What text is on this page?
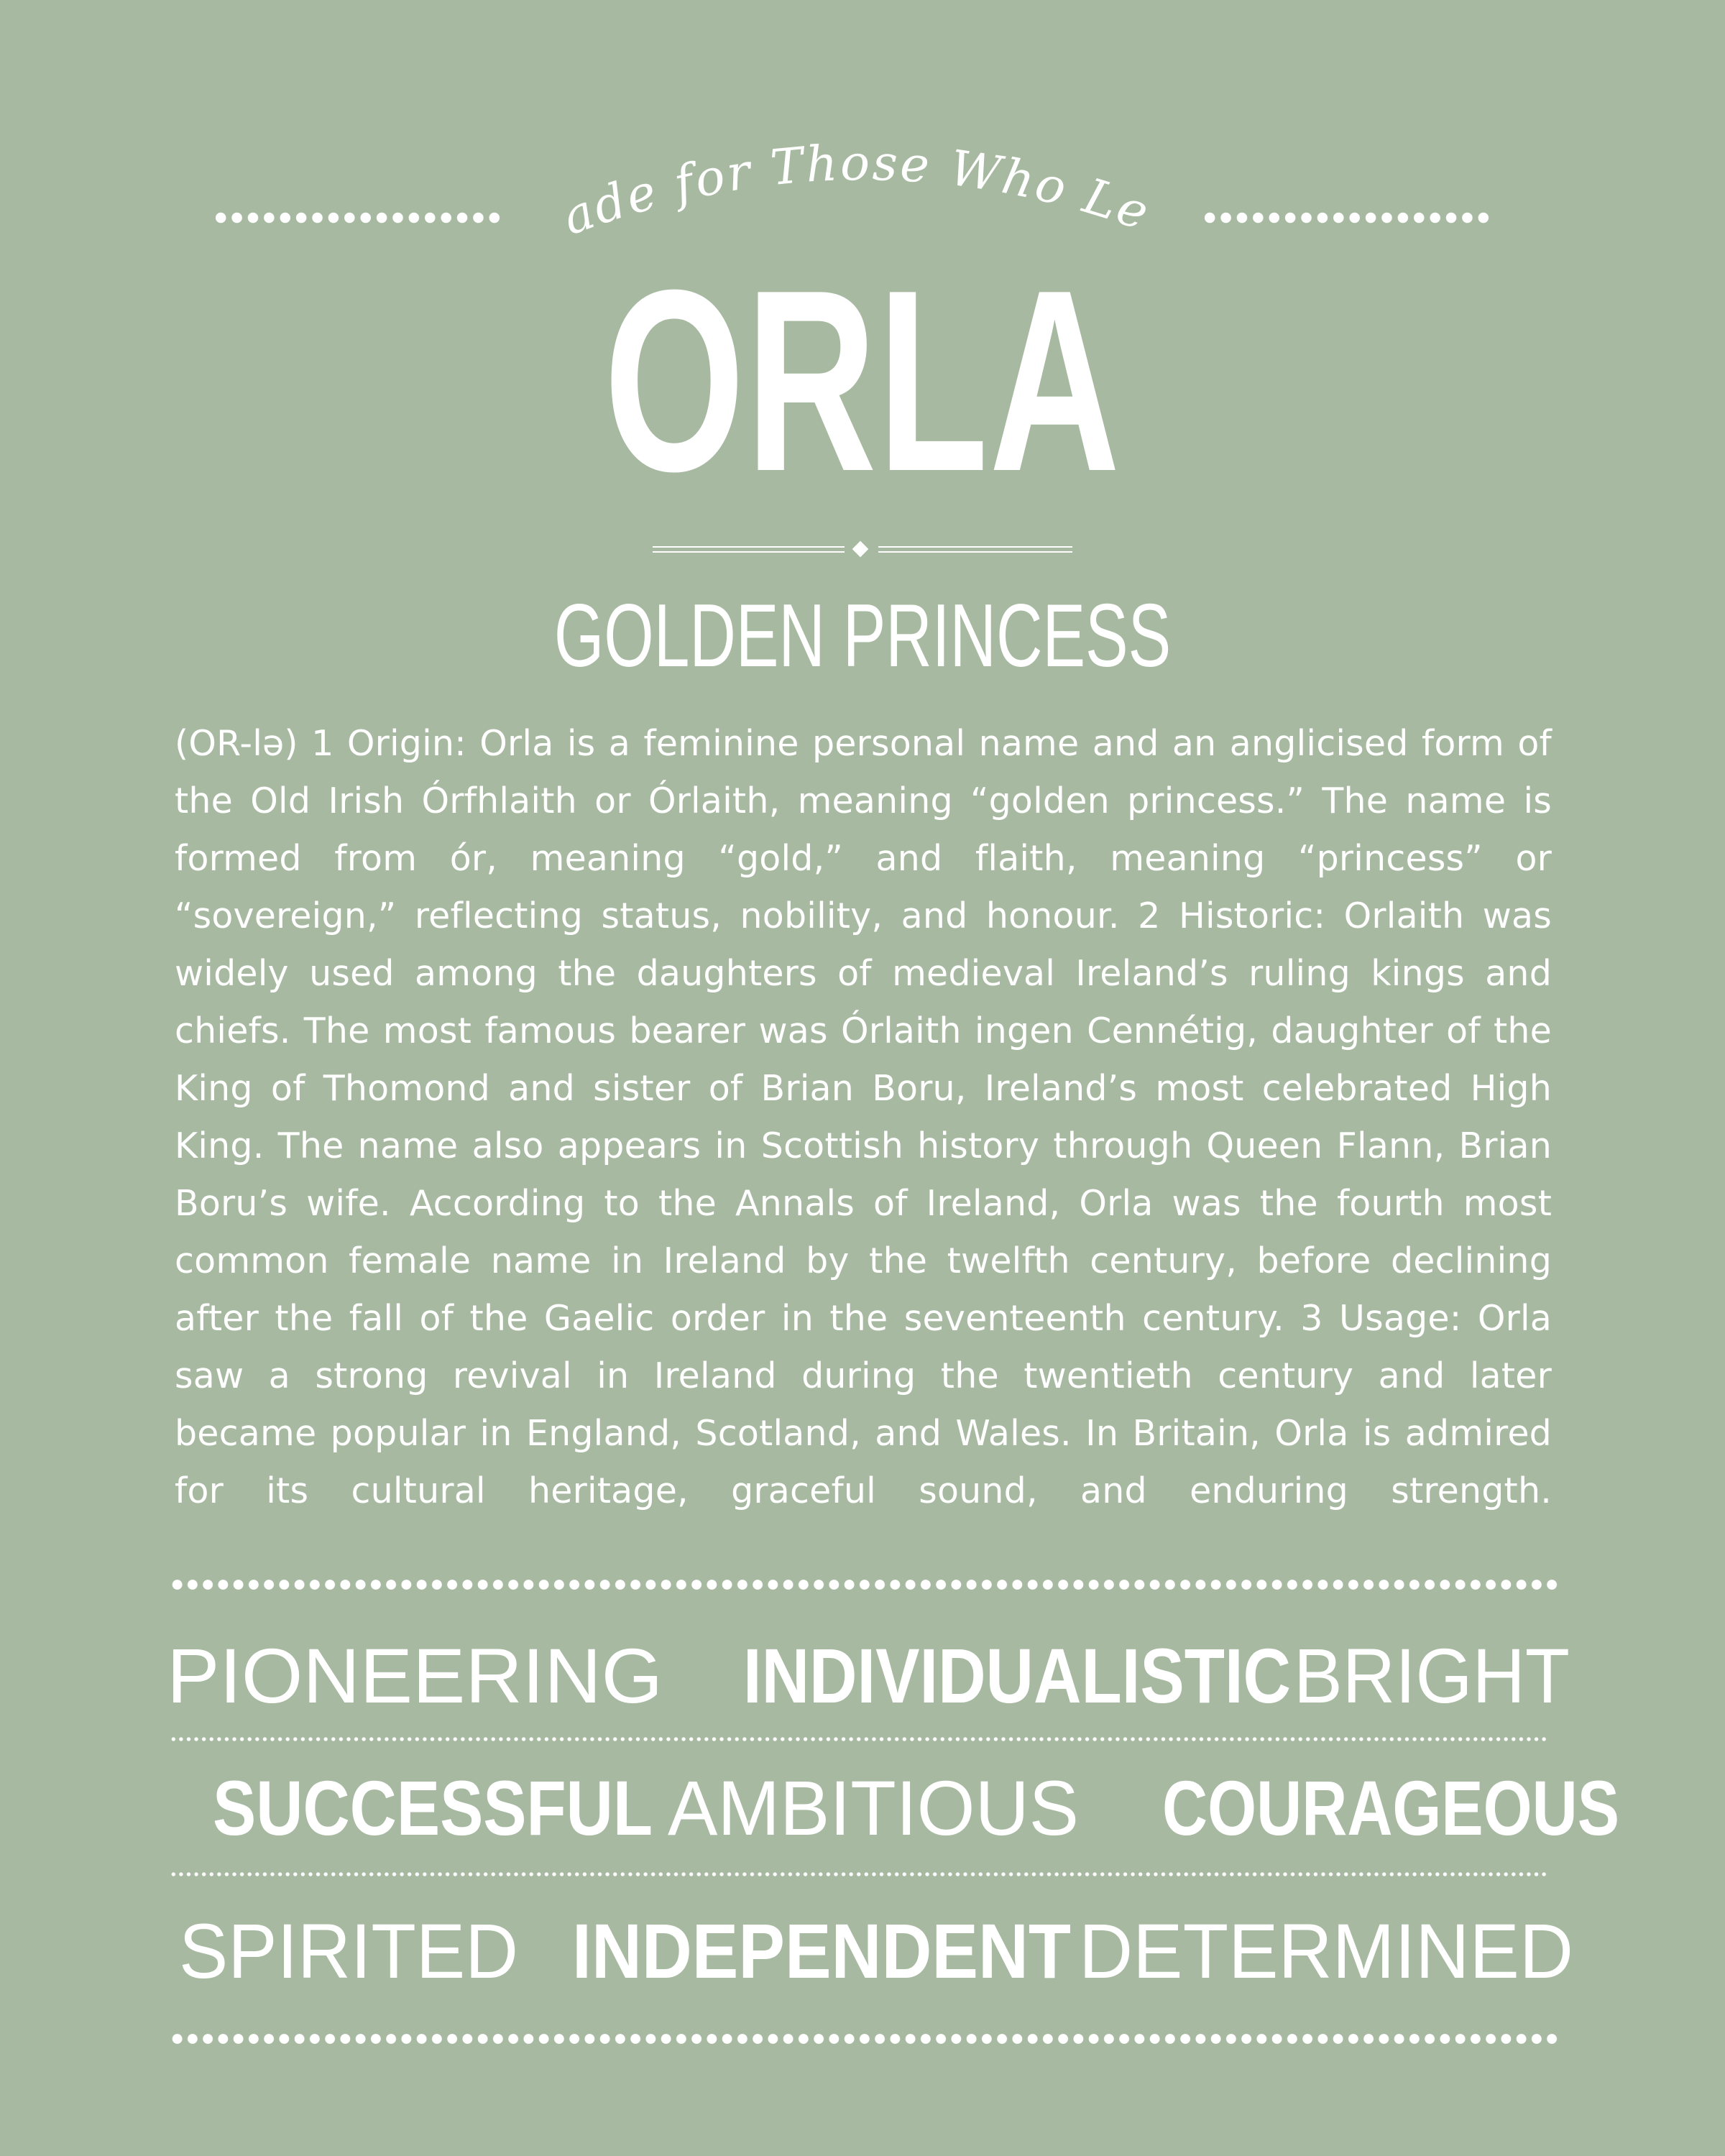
Made for Those Who Lead
ORLA
GOLDEN PRINCESS
(OR-lə) 1 Origin: Orla is a feminine personal name and an anglicised form of the Old Irish Órfhlaith or Órlaith, meaning “golden princess.” The name is formed from ór, meaning “gold,” and flaith, meaning “princess” or “sovereign,” reflecting status, nobility, and honour. 2 Historic: Orlaith was widely used among the daughters of medieval Ireland’s ruling kings and chiefs. The most famous bearer was Órlaith ingen Cennétig, daughter of the King of Thomond and sister of Brian Boru, Ireland’s most celebrated High King. The name also appears in Scottish history through Queen Flann, Brian Boru’s wife. According to the Annals of Ireland, Orla was the fourth most common female name in Ireland by the twelfth century, before declining after the fall of the Gaelic order in the seventeenth century. 3 Usage: Orla saw a strong revival in Ireland during the twentieth century and later became popular in England, Scotland, and Wales. In Britain, Orla is admired for its cultural heritage, graceful sound, and enduring strength.
PIONEERING	INDIVIDUALISTIC BRIGHT
SUCCESSFUL AMBITIOUS	COURAGEOUS
SPIRITED INDEPENDENT DETERMINED
